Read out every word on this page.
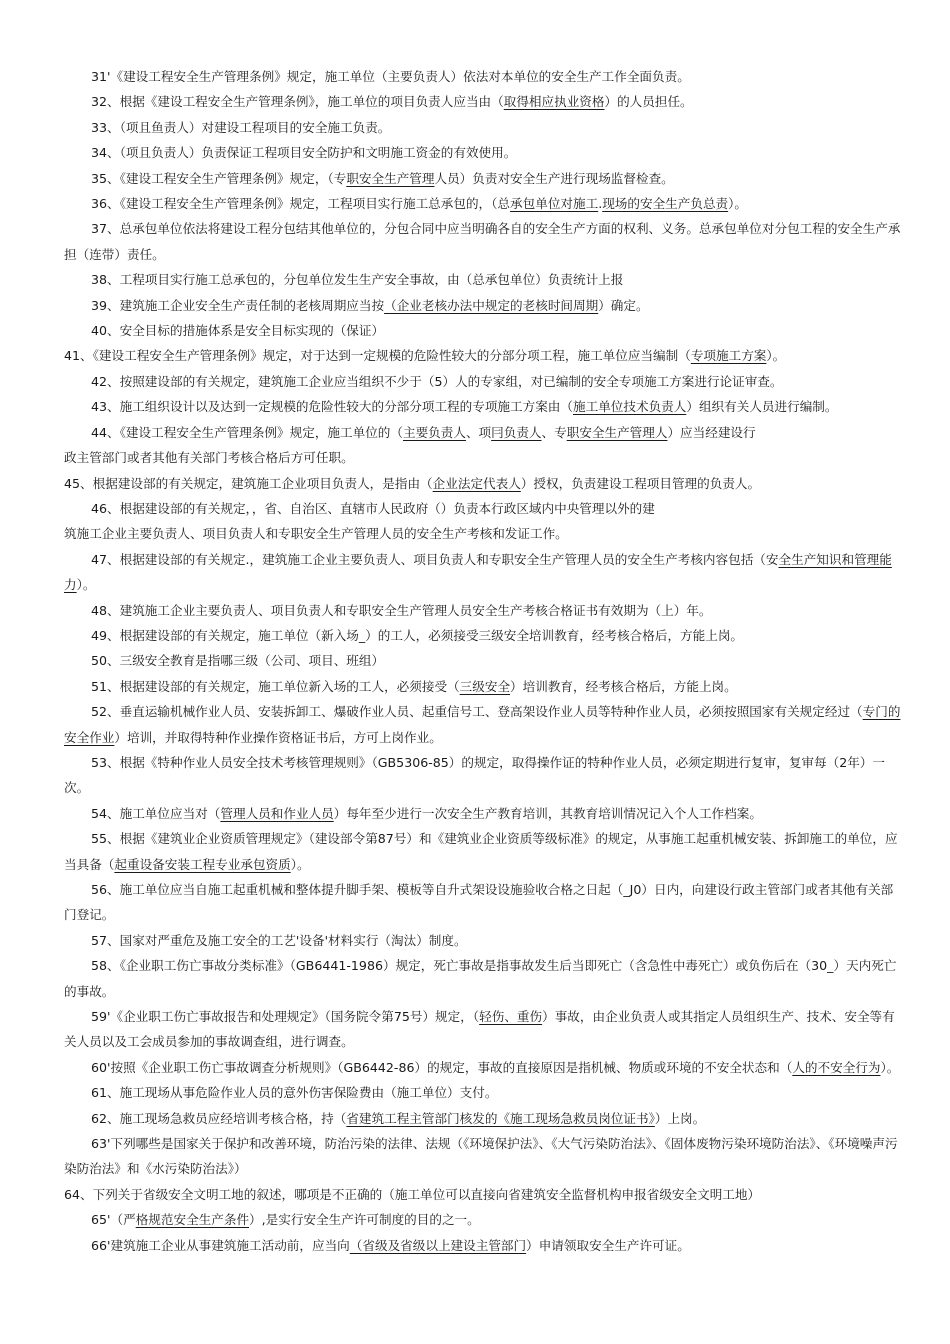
31'《建设工程安全生产管理条例》规定，施工单位（主要负责人）依法对本单位的安全生产工作全面负责。

32、根据《建设工程安全生产管理条例》，施工单位的项目负责人应当由（取得相应执业资格）的人员担任。

33、（项且鱼责人）对建设工程项目的安全施工负责。

34、（项且负责人）负责保证工程项目安全防护和文明施工资金的有效使用。

35、《建设工程安全生产管理条例》规定，（专职安全生产管理人员）负责对安全生产进行现场监督检查。

36、《建设工程安全生产管理条例》规定，工程项目实行施工总承包的，（总承包单位对施工.现场的安全生产负总责）。

37、总承包单位依法将建设工程分包结其他单位的，分包合同中应当明确各自的安全生产方面的权利、义务。总承包单位对分包工程的安全生产承担（连带）责任。

38、工程项目实行施工总承包的，分包单位发生生产安全事故，由（总承包单位）负责统计上报

39、建筑施工企业安全生产责任制的老核周期应当按（企业老核办法中规定的老核时间周期）确定。

40、安全目标的措施体系是安全目标实现的（保证）

41、《建设工程安全生产管理条例》规定，对于达到一定规模的危险性较大的分部分项工程，施工单位应当编制（专项施工方案）。

42、按照建设部的有关规定，建筑施工企业应当组织不少于（5）人的专家组，对已编制的安全专项施工方案进行论证审查。

43、施工组织设计以及达到一定规模的危险性较大的分部分项工程的专项施工方案由（施工单位技术负责人）组织有关人员进行编制。

44、《建设工程安全生产管理条例》规定，施工单位的（主要负责人、项冃负责人、专职安全生产管理人）应当经建设行

政主管部门或者其他有关部门考核合格后方可任职。

45、根据建设部的有关规定，建筑施工企业项目负责人，是指由（企业法定代表人）授权，负责建设工程项目管理的负责人。

46、根据建设部的有关规定，，省、自治区、直辖市人民政府（）负责本行政区域内中央管理以外的建

筑施工企业主要负责人、项目负责人和专职安全生产管理人员的安全生产考核和发证工作。

47、根据建设部的有关规定.，建筑施工企业主要负责人、项目负责人和专职安全生产管理人员的安全生产考核内容包括（安全生产知识和管理能力）。

48、建筑施工企业主要负责人、项目负责人和专职安全生产管理人员安全生产考核合格证书有效期为（上）年。

49、根据建设部的有关规定，施工单位（新入场_）的工人，必须接受三级安全培训教育，经考核合格后，方能上岗。

50、三级安全教育是指哪三级（公司、项目、班组）

51、根据建设部的有关规定，施工单位新入场的工人，必须接受（三级安全）培训教育，经考核合格后，方能上岗。

52、垂直运输机械作业人员、安装拆卸工、爆破作业人员、起重信号工、登高架设作业人员等特种作业人员，必须按照国家有关规定经过（专门的安全作业）培训，并取得特种作业操作资格证书后，方可上岗作业。

53、根据《特种作业人员安全技术考核管理规则》（GB5306-85）的规定，取得操作证的特种作业人员，必须定期进行复审，复审每（2年）一次。

54、施工单位应当对（管理人员和作业人员）每年至少进行一次安全生产教育培训，其教育培训情况记入个人工作档案。

55、根据《建筑业企业资质管理规定》（建设部令第87号）和《建筑业企业资质等级标准》的规定，从事施工起重机械安装、拆卸施工的单位，应当具备（起重设备安装工程专业承包资质）。

56、施工单位应当自施工起重机械和整体提升脚手架、模板等自升式架设设施验收合格之日起（_J0）日内，向建设行政主管部门或者其他有关部门登记。

57、国家对严重危及施工安全的工艺'设备'材料实行（淘汰）制度。

58、《企业职工伤亡事故分类标准》（GB6441-1986）规定，死亡事故是指事故发生后当即死亡（含急性中毒死亡）或负伤后在（30_）天内死亡的事故。

59'《企业职工伤亡事故报告和处理规定》（国务院令第75号）规定，（轻伤、重伤）事故，由企业负责人或其指定人员组织生产、技术、安全等有关人员以及工会成员参加的事故调查组，进行调查。

60'按照《企业职工伤亡事故调查分析规则》（GB6442-86）的规定，事故的直接原因是指机械、物质或环境的不安全状态和（人的不安全行为）。

61、施工现场从事危险作业人员的意外伤害保险费由（施工单位）支付。

62、施工现场急救员应经培训考核合格，持（省建筑工程主管部门核发的《施工现场急救员岗位证书》）上岗。

63'下列哪些是国家关于保护和改善环境，防治污染的法律、法规（《环境保护法》、《大气污染防治法》、《固体废物污染环境防治法》、《环境噪声污染防治法》和《水污染防治法》）

64、下列关于省级安全文明工地的叙述，哪项是不正确的（施工单位可以直接向省建筑安全监督机构申报省级安全文明工地）

65'（严格规范安全生产条件）,是实行安全生产许可制度的目的之一。

66'建筑施工企业从事建筑施工活动前，应当向（省级及省级以上建设主管部门）申请领取安全生产许可证。
